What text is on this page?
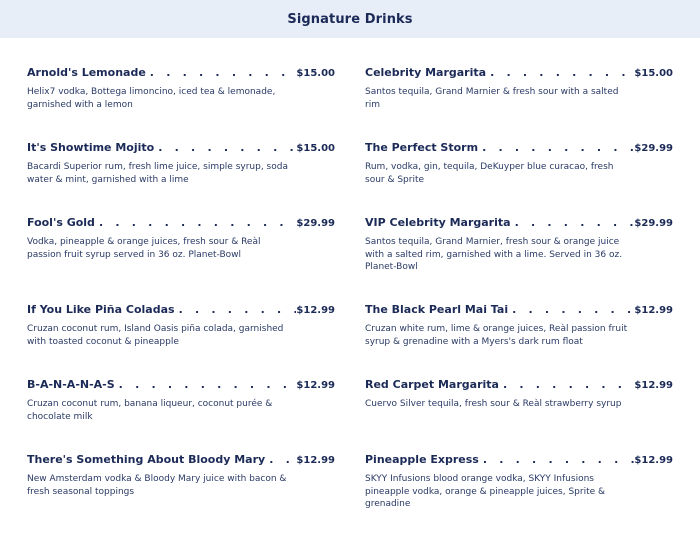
Signature Drinks
Arnold's Lemonade . . .	$15.00
Helix7 vodka, Bottega limoncino, iced tea & lemonade, garnished with a lemon
It's Showtime Mojito . . .	$15.00
Bacardi Superior rum, fresh lime juice, simple syrup, soda water & mint, garnished with a lime
Fool's Gold . . .	$29.99
Vodka, pineapple & orange juices, fresh sour & Reàl passion fruit syrup served in 36 oz. Planet-Bowl
If You Like Piña Coladas . . .	$12.99
Cruzan coconut rum, Island Oasis piña colada, garnished with toasted coconut & pineapple
B-A-N-A-N-A-S . . .	$12.99
Cruzan coconut rum, banana liqueur, coconut purée & chocolate milk
There's Something About Bloody Mary . . .	$12.99
New Amsterdam vodka & Bloody Mary juice with bacon & fresh seasonal toppings
Celebrity Margarita . . .	$15.00
Santos tequila, Grand Marnier & fresh sour with a salted rim
The Perfect Storm . . .	$29.99
Rum, vodka, gin, tequila, DeKuyper blue curacao, fresh sour & Sprite
VIP Celebrity Margarita . . .	$29.99
Santos tequila, Grand Marnier, fresh sour & orange juice with a salted rim, garnished with a lime. Served in 36 oz. Planet-Bowl
The Black Pearl Mai Tai . . .	$12.99
Cruzan white rum, lime & orange juices, Reàl passion fruit syrup & grenadine with a Myers's dark rum float
Red Carpet Margarita . . .	$12.99
Cuervo Silver tequila, fresh sour & Reàl strawberry syrup
Pineapple Express . . .	$12.99
SKYY Infusions blood orange vodka, SKYY Infusions pineapple vodka, orange & pineapple juices, Sprite & grenadine
